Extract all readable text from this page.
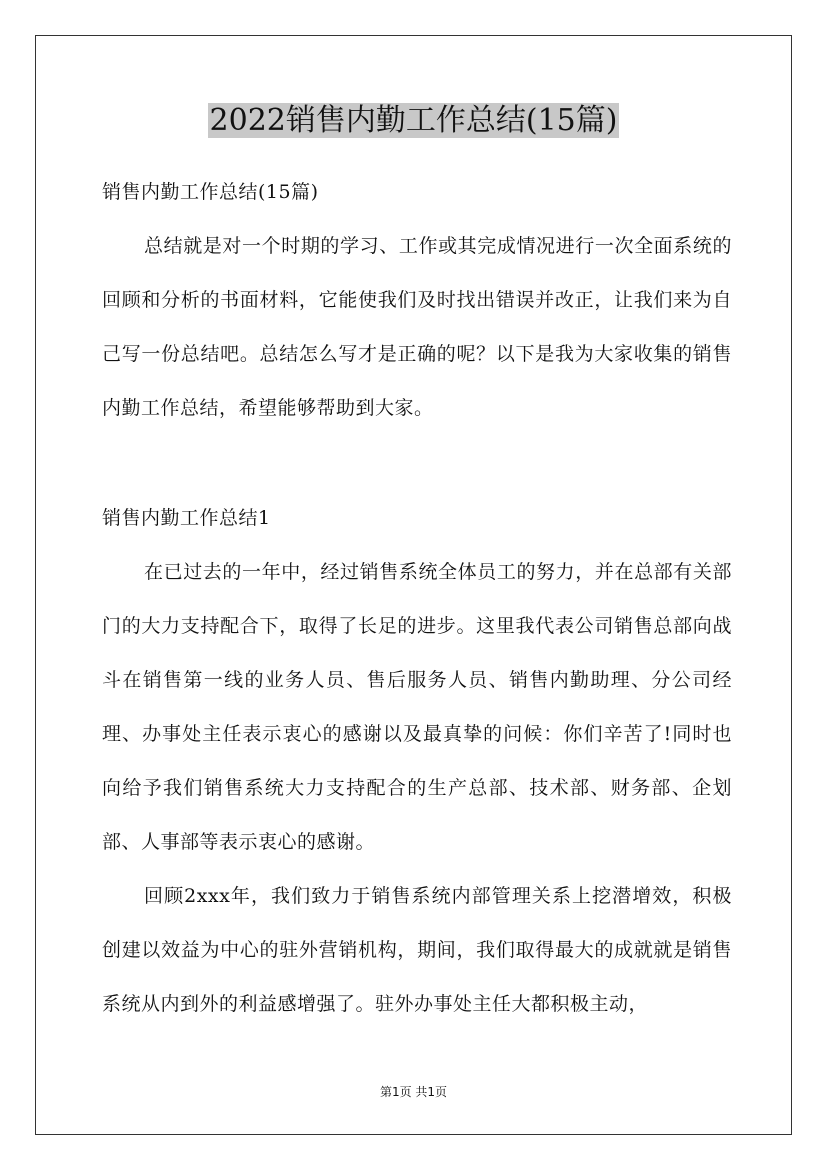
2022销售内勤工作总结(15篇)

销售内勤工作总结(15篇)

总结就是对一个时期的学习、工作或其完成情况进行一次全面系统的回顾和分析的书面材料，它能使我们及时找出错误并改正，让我们来为自己写一份总结吧。总结怎么写才是正确的呢？以下是我为大家收集的销售内勤工作总结，希望能够帮助到大家。

销售内勤工作总结1

在已过去的一年中，经过销售系统全体员工的努力，并在总部有关部门的大力支持配合下，取得了长足的进步。这里我代表公司销售总部向战斗在销售第一线的业务人员、售后服务人员、销售内勤助理、分公司经理、办事处主任表示衷心的感谢以及最真挚的问候：你们辛苦了!同时也向给予我们销售系统大力支持配合的生产总部、技术部、财务部、企划部、人事部等表示衷心的感谢。

回顾2xxx年，我们致力于销售系统内部管理关系上挖潜增效，积极创建以效益为中心的驻外营销机构，期间，我们取得最大的成就就是销售系统从内到外的利益感增强了。驻外办事处主任大都积极主动，

第1页 共1页
